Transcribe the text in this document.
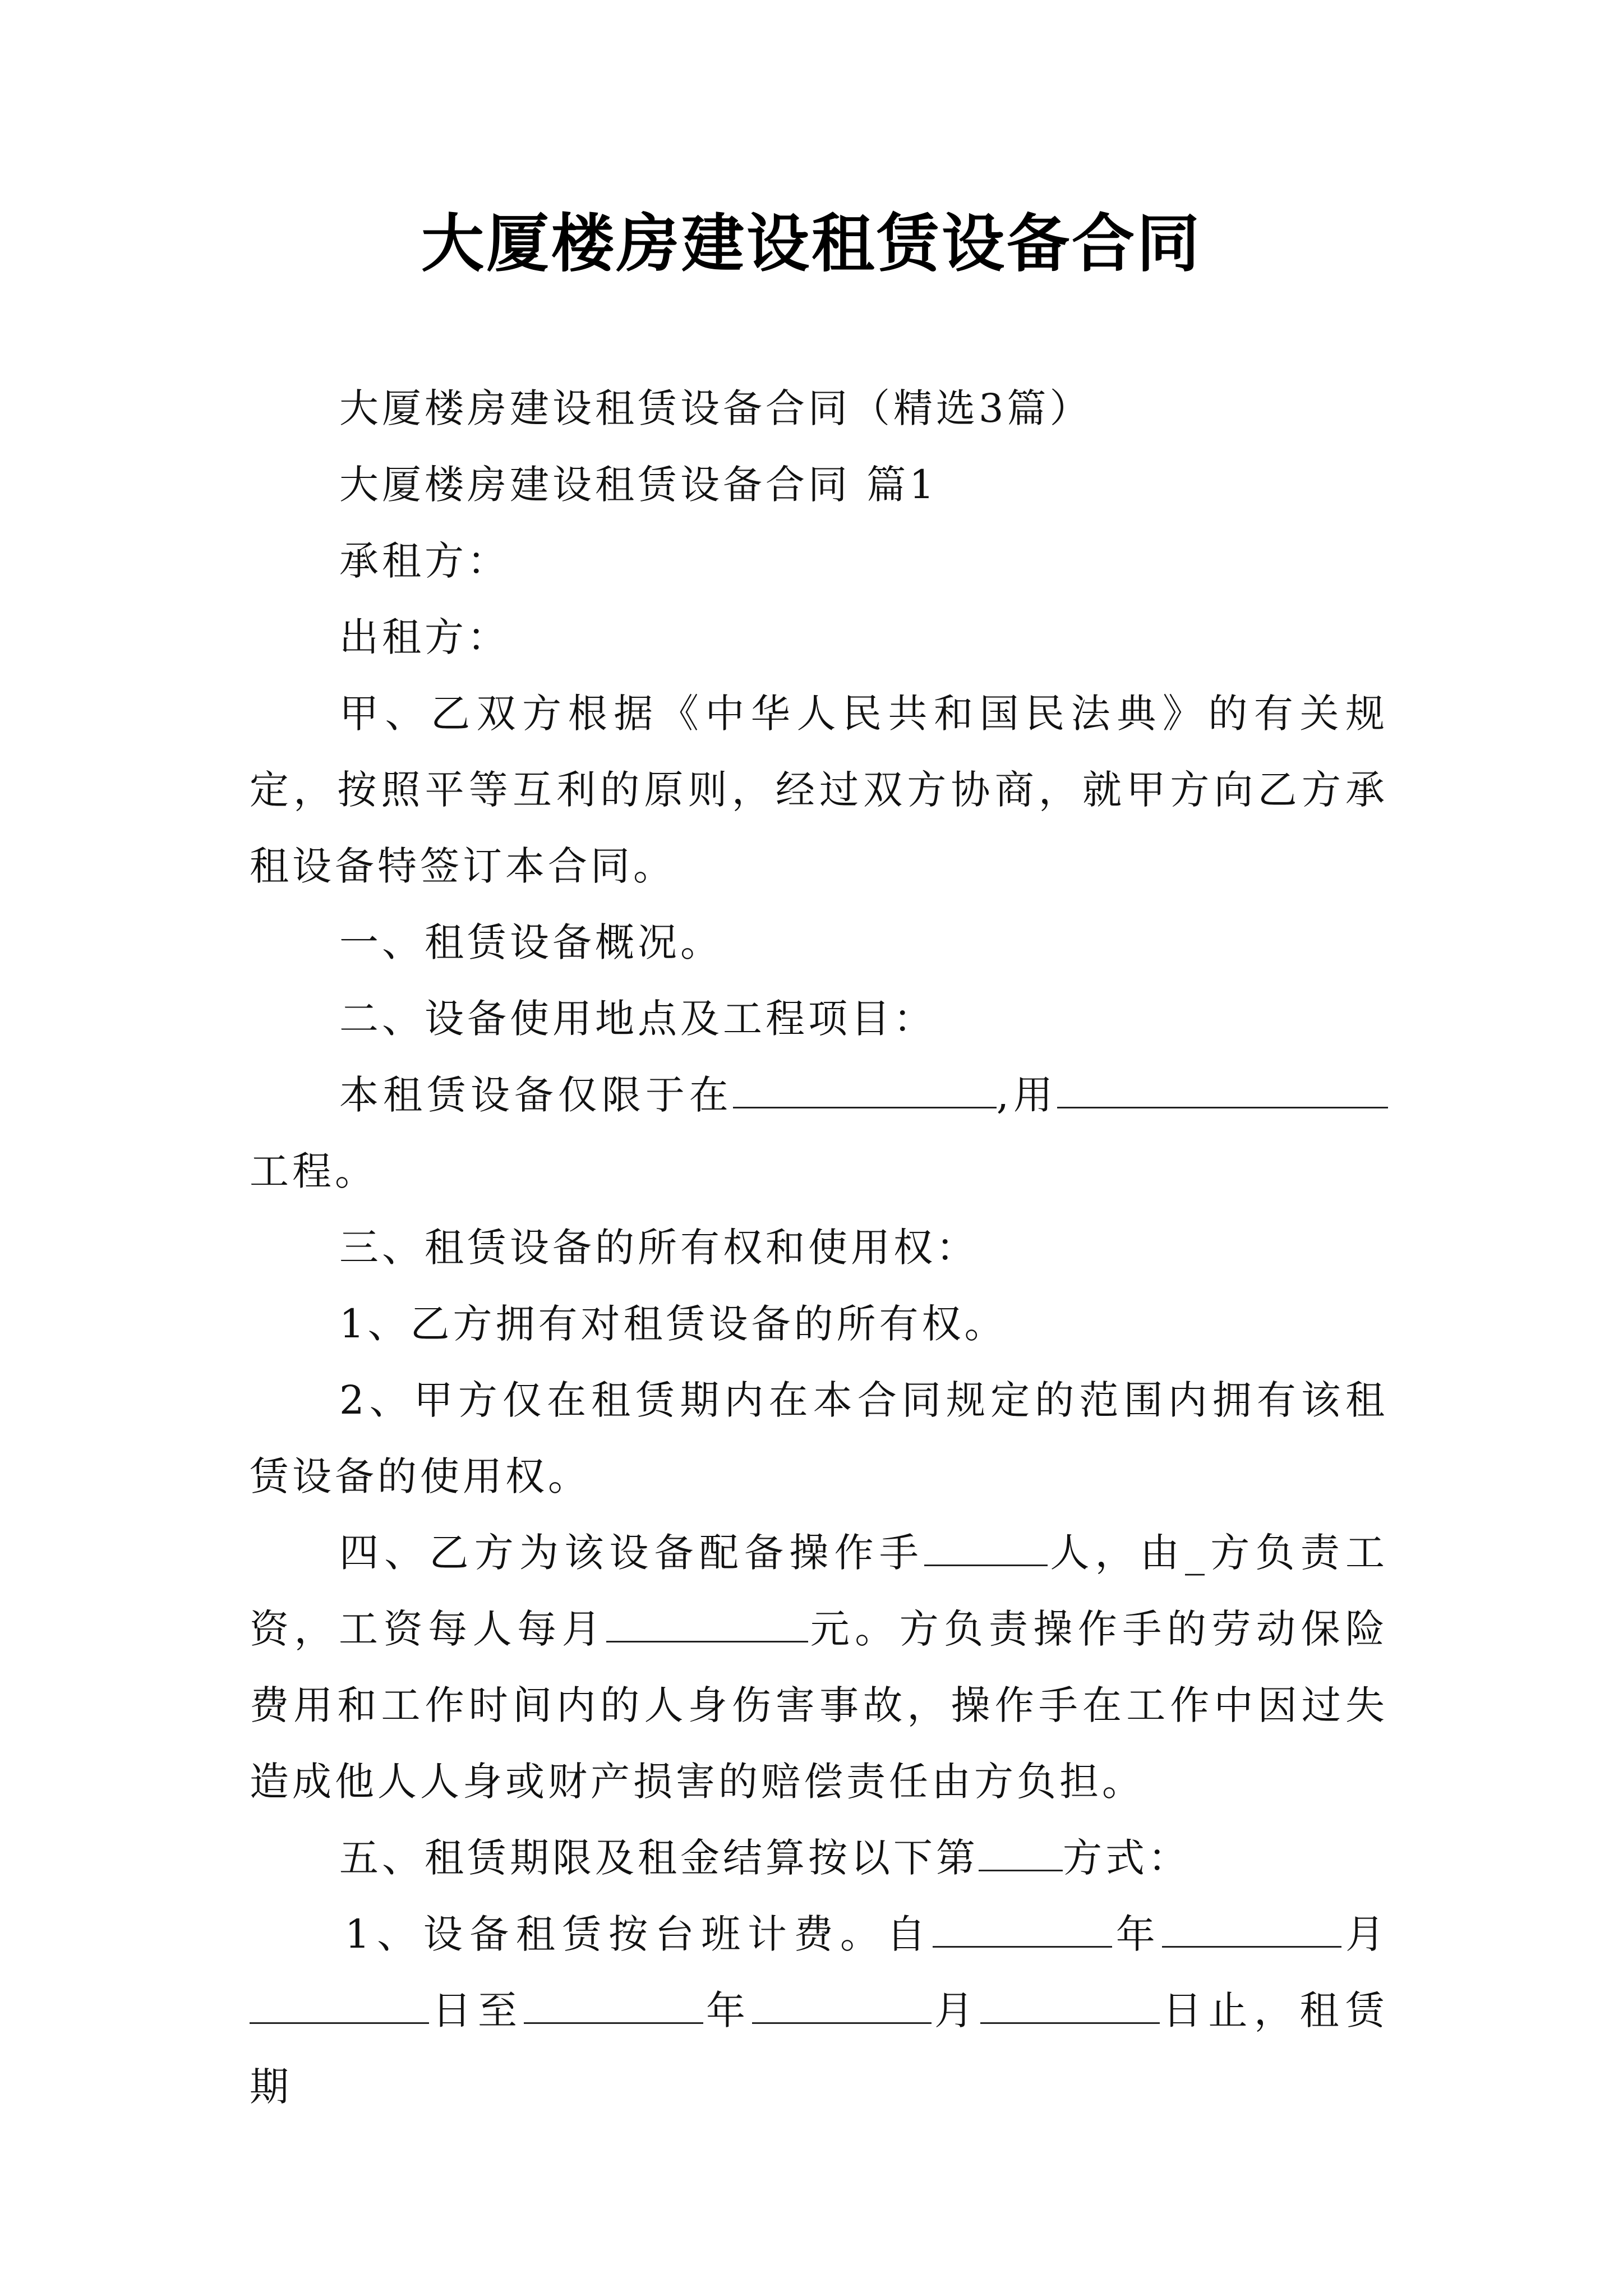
大厦楼房建设租赁设备合同

大厦楼房建设租赁设备合同（精选3篇）

大厦楼房建设租赁设备合同 篇1

承租方：

出租方：

甲、乙双方根据《中华人民共和国民法典》的有关规定，按照平等互利的原则，经过双方协商，就甲方向乙方承租设备特签订本合同。

一、租赁设备概况。

二、设备使用地点及工程项目：

本租赁设备仅限于在	,用工程。

三、租赁设备的所有权和使用权：

1、乙方拥有对租赁设备的所有权。

2、甲方仅在租赁期内在本合同规定的范围内拥有该租赁设备的使用权。

四、乙方为该设备配备操作手	人，由_方负责工资，工资每人每月	元。方负责操作手的劳动保险费用和工作时间内的人身伤害事故，操作手在工作中因过失造成他人人身或财产损害的赔偿责任由方负担。

五、租赁期限及租金结算按以下第 方式：

1、设备租赁按台班计费。自	年	月日至	年	月	日止，租赁期
